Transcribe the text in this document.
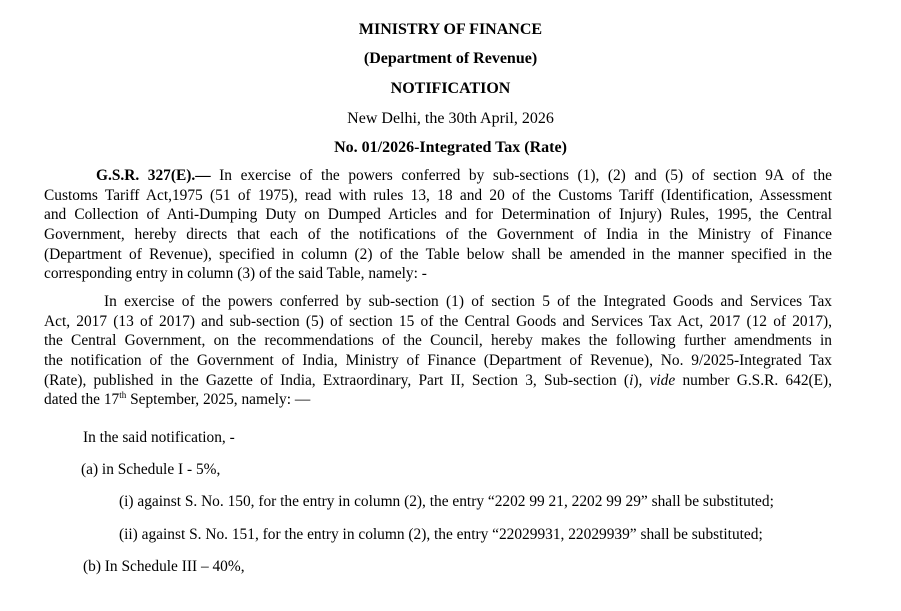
MINISTRY OF FINANCE
(Department of Revenue)
NOTIFICATION
New Delhi, the 30th April, 2026
No. 01/2026-Integrated Tax (Rate)
G.S.R. 327(E).— In exercise of the powers conferred by sub-sections (1), (2) and (5) of section 9A of the
Customs Tariff Act,1975 (51 of 1975), read with rules 13, 18 and 20 of the Customs Tariff (Identification, Assessment
and Collection of Anti-Dumping Duty on Dumped Articles and for Determination of Injury) Rules, 1995, the Central
Government, hereby directs that each of the notifications of the Government of India in the Ministry of Finance
(Department of Revenue), specified in column (2) of the Table below shall be amended in the manner specified in the
corresponding entry in column (3) of the said Table, namely: -
In exercise of the powers conferred by sub-section (1) of section 5 of the Integrated Goods and Services Tax
Act, 2017 (13 of 2017) and sub-section (5) of section 15 of the Central Goods and Services Tax Act, 2017 (12 of 2017),
the Central Government, on the recommendations of the Council, hereby makes the following further amendments in
the notification of the Government of India, Ministry of Finance (Department of Revenue), No. 9/2025-Integrated Tax
(Rate), published in the Gazette of India, Extraordinary, Part II, Section 3, Sub-section (i), vide number G.S.R. 642(E),
dated the 17th September, 2025, namely: —
In the said notification, -
(a) in Schedule I - 5%,
(i) against S. No. 150, for the entry in column (2), the entry “2202 99 21, 2202 99 29” shall be substituted;
(ii) against S. No. 151, for the entry in column (2), the entry “22029931, 22029939” shall be substituted;
(b) In Schedule III – 40%,
